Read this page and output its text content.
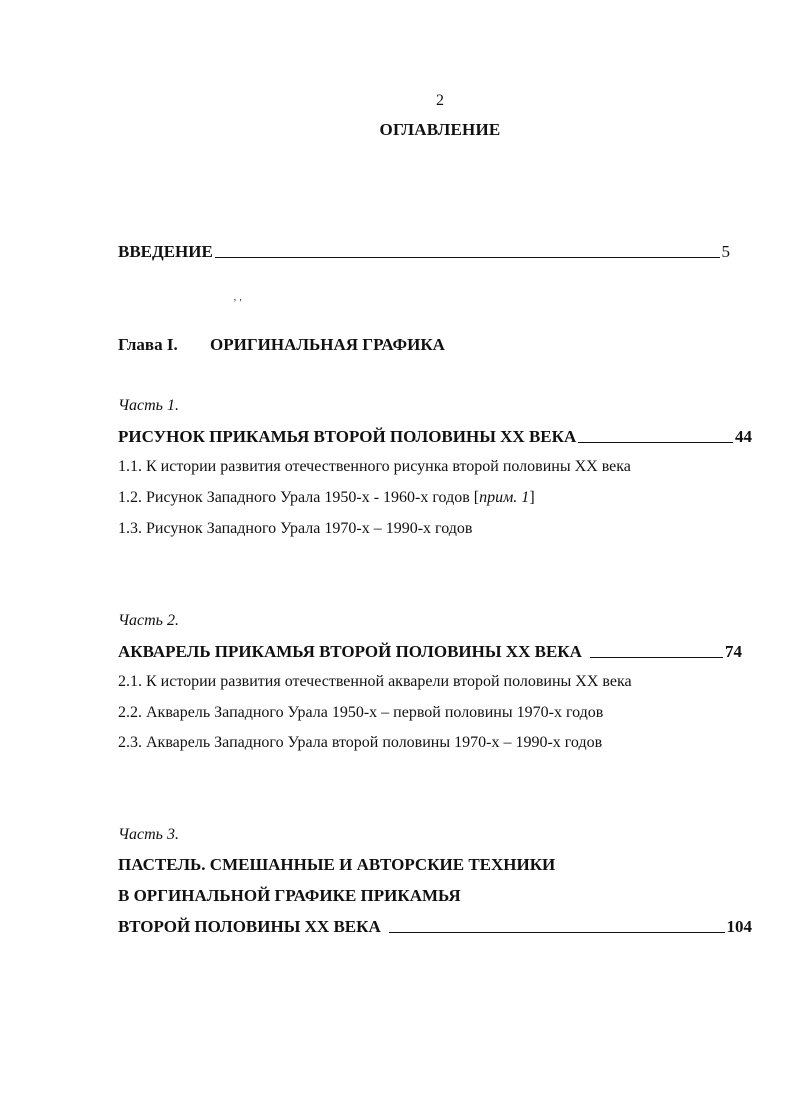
2
ОГЛАВЛЕНИЕ
ВВЕДЕНИЕ	5
ʼ ʹ
Глава I. ОРИГИНАЛЬНАЯ ГРАФИКА
Часть 1.
РИСУНОК ПРИКАМЬЯ ВТОРОЙ ПОЛОВИНЫ XX ВЕКА	44
1.1. К истории развития отечественного рисунка второй половины XX века
1.2. Рисунок Западного Урала 1950-х - 1960-х годов [прим. 1]
1.3. Рисунок Западного Урала 1970-х – 1990-х годов
Часть 2.
АКВАРЕЛЬ ПРИКАМЬЯ ВТОРОЙ ПОЛОВИНЫ XX ВЕКА	74
2.1. К истории развития отечественной акварели второй половины XX века
2.2. Акварель Западного Урала 1950-х – первой половины 1970-х годов
2.3. Акварель Западного Урала второй половины 1970-х – 1990-х годов
Часть 3.
ПАСТЕЛЬ. СМЕШАННЫЕ И АВТОРСКИЕ ТЕХНИКИ
В ОРГИНАЛЬНОЙ ГРАФИКЕ ПРИКАМЬЯ
ВТОРОЙ ПОЛОВИНЫ XX ВЕКА	104
